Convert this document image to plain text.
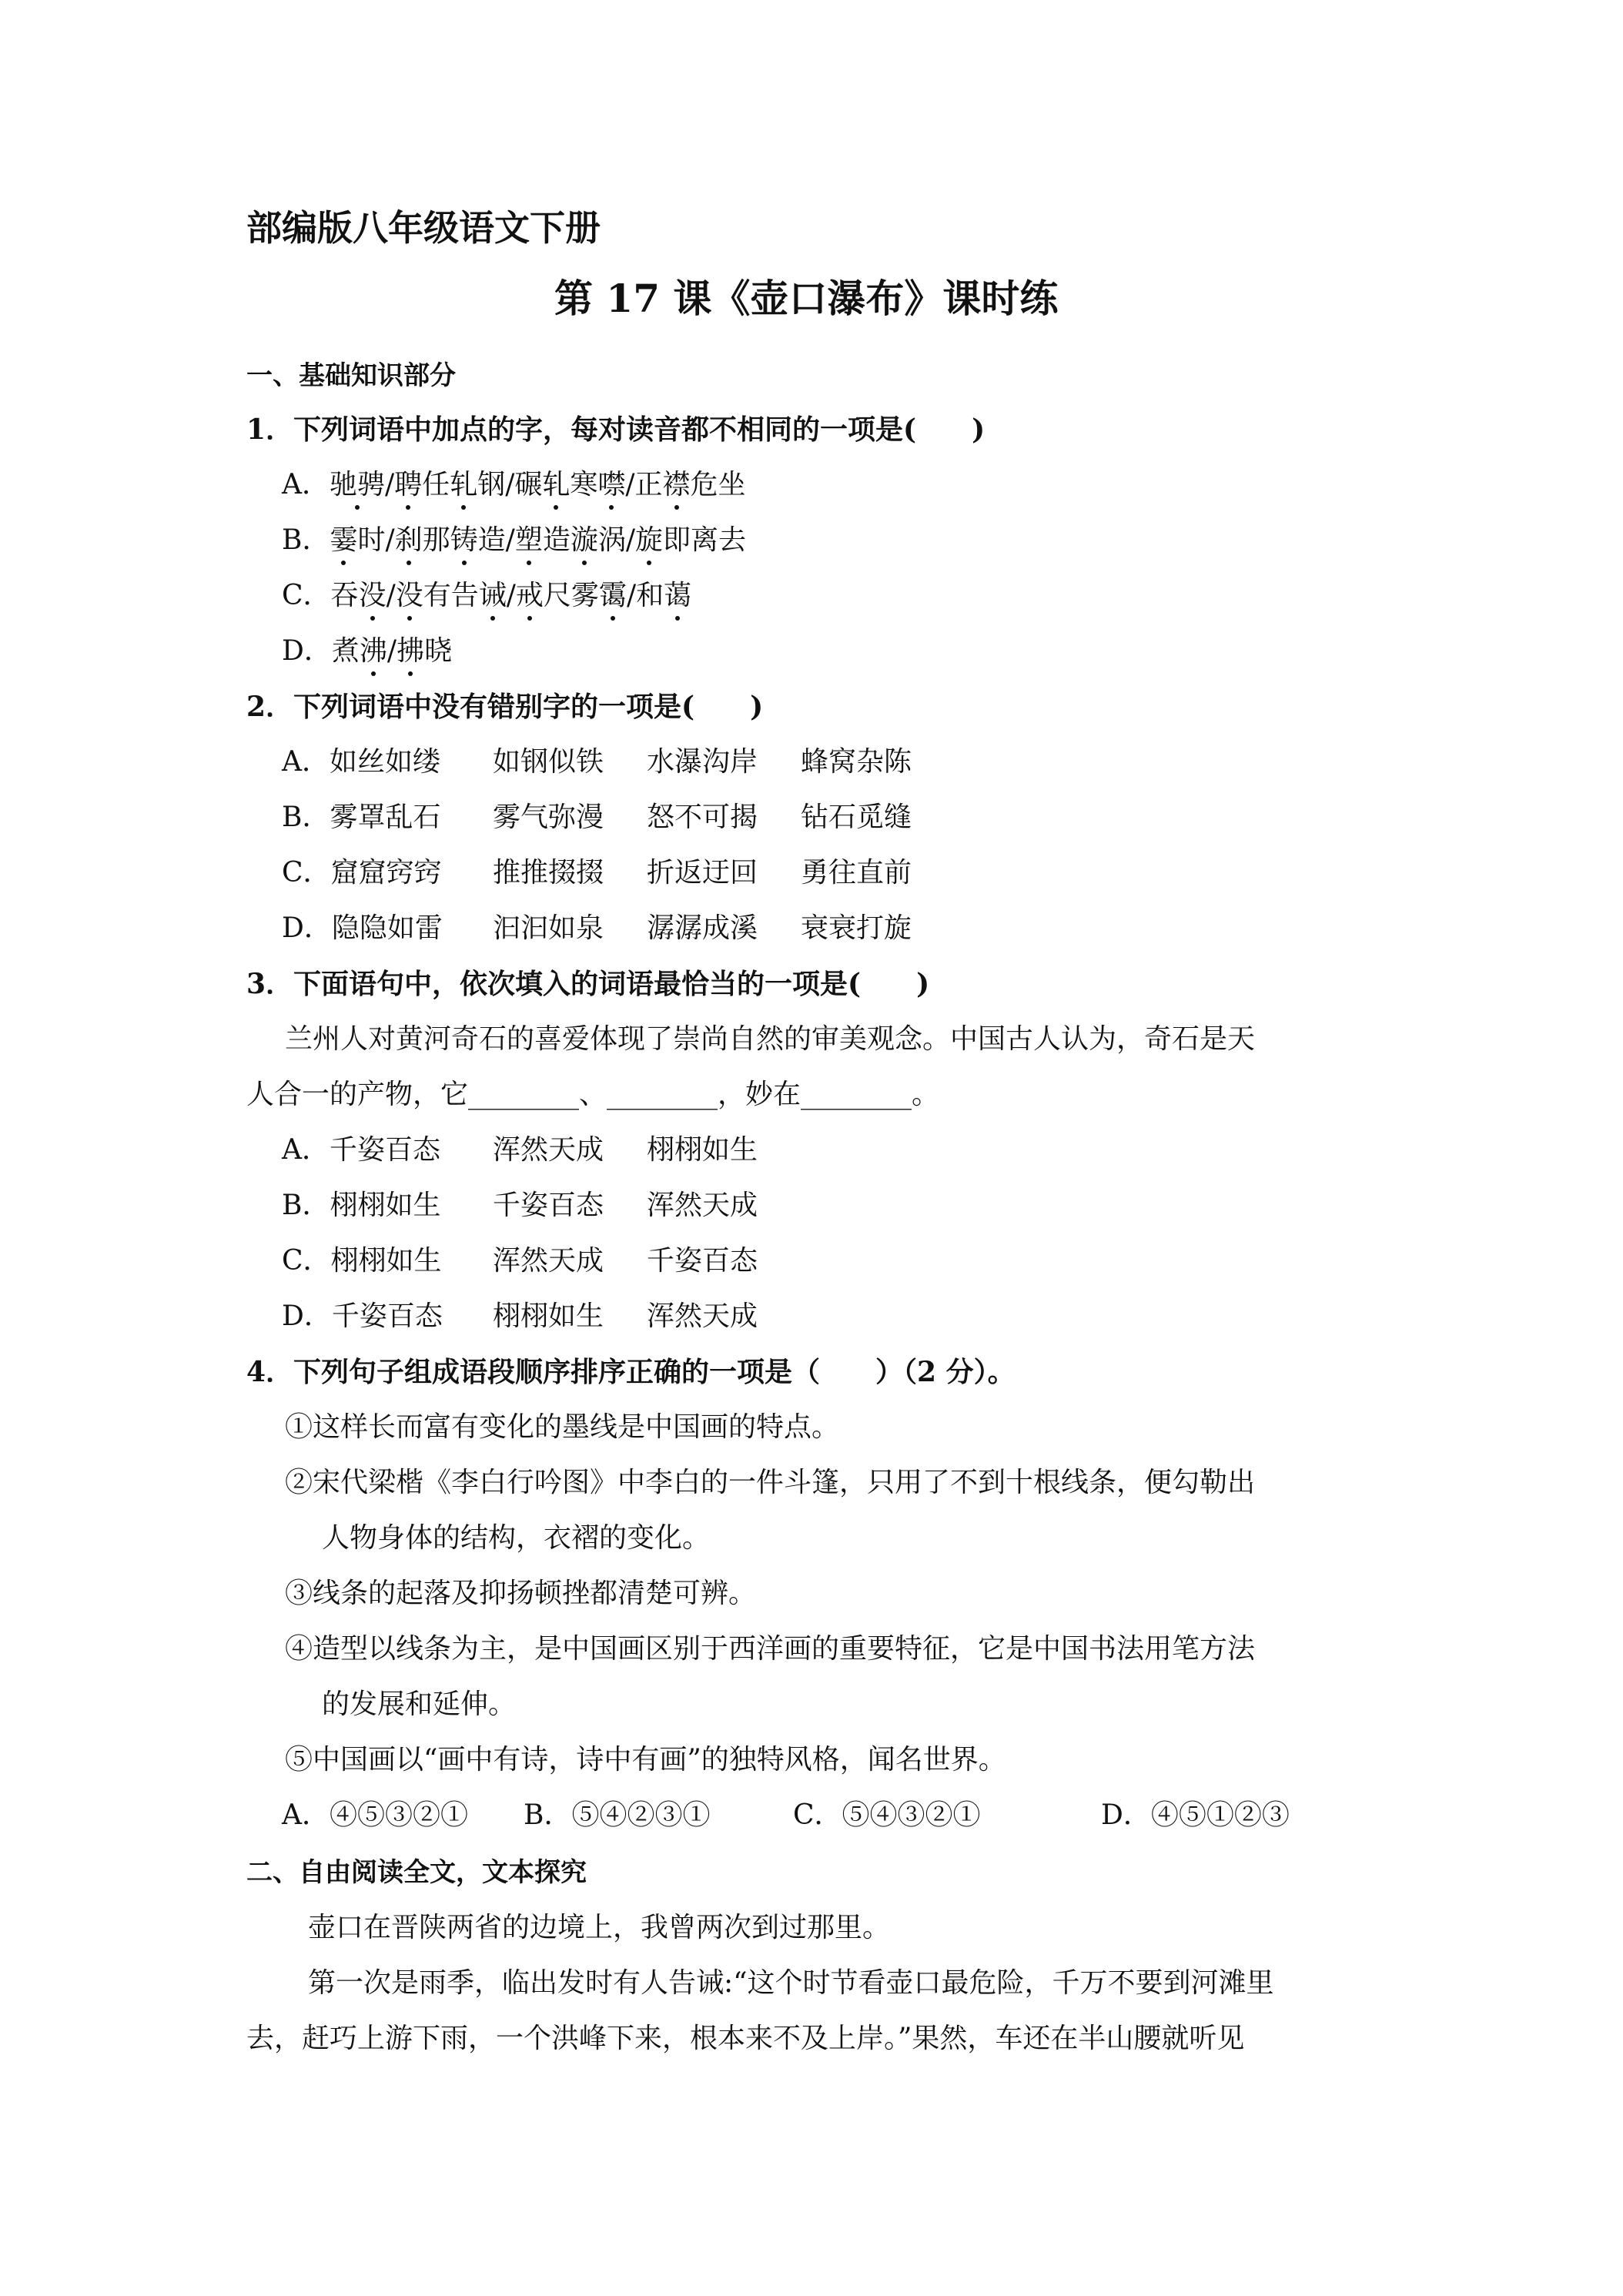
部编版八年级语文下册
第 17 课《壶口瀑布》课时练
一、基础知识部分
1．下列词语中加点的字，每对读音都不相同的一项是(　　)
A．驰骋/聘任轧钢/碾轧寒噤/正襟危坐
B．霎时/刹那铸造/塑造漩涡/旋即离去
C．吞没/没有告诫/戒尺雾霭/和蔼
D．煮沸/拂晓
2．下列词语中没有错别字的一项是(　　)
A．如丝如缕 如钢似铁 水瀑沟岸 蜂窝杂陈
B．雾罩乱石 雾气弥漫 怒不可揭 钻石觅缝
C．窟窟窍窍 推推掇掇 折返迂回 勇往直前
D．隐隐如雷 汩汩如泉 潺潺成溪 衰衰打旋
3．下面语句中，依次填入的词语最恰当的一项是(　　)
兰州人对黄河奇石的喜爱体现了崇尚自然的审美观念。中国古人认为，奇石是天
人合一的产物，它________、________，妙在________。
A．千姿百态 浑然天成 栩栩如生
B．栩栩如生 千姿百态 浑然天成
C．栩栩如生 浑然天成 千姿百态
D．千姿百态 栩栩如生 浑然天成
4．下列句子组成语段顺序排序正确的一项是（　　）（2 分）。
①这样长而富有变化的墨线是中国画的特点。
②宋代梁楷《李白行吟图》中李白的一件斗篷，只用了不到十根线条，便勾勒出
人物身体的结构，衣褶的变化。
③线条的起落及抑扬顿挫都清楚可辨。
④造型以线条为主，是中国画区别于西洋画的重要特征，它是中国书法用笔方法
的发展和延伸。
⑤中国画以“画中有诗，诗中有画”的独特风格，闻名世界。
A．④⑤③②① B．⑤④②③①	C．⑤④③②①	D．④⑤①②③
二、自由阅读全文，文本探究
壶口在晋陕两省的边境上，我曾两次到过那里。
第一次是雨季，临出发时有人告诫:“这个时节看壶口最危险，千万不要到河滩里
去，赶巧上游下雨，一个洪峰下来，根本来不及上岸。”果然，车还在半山腰就听见
